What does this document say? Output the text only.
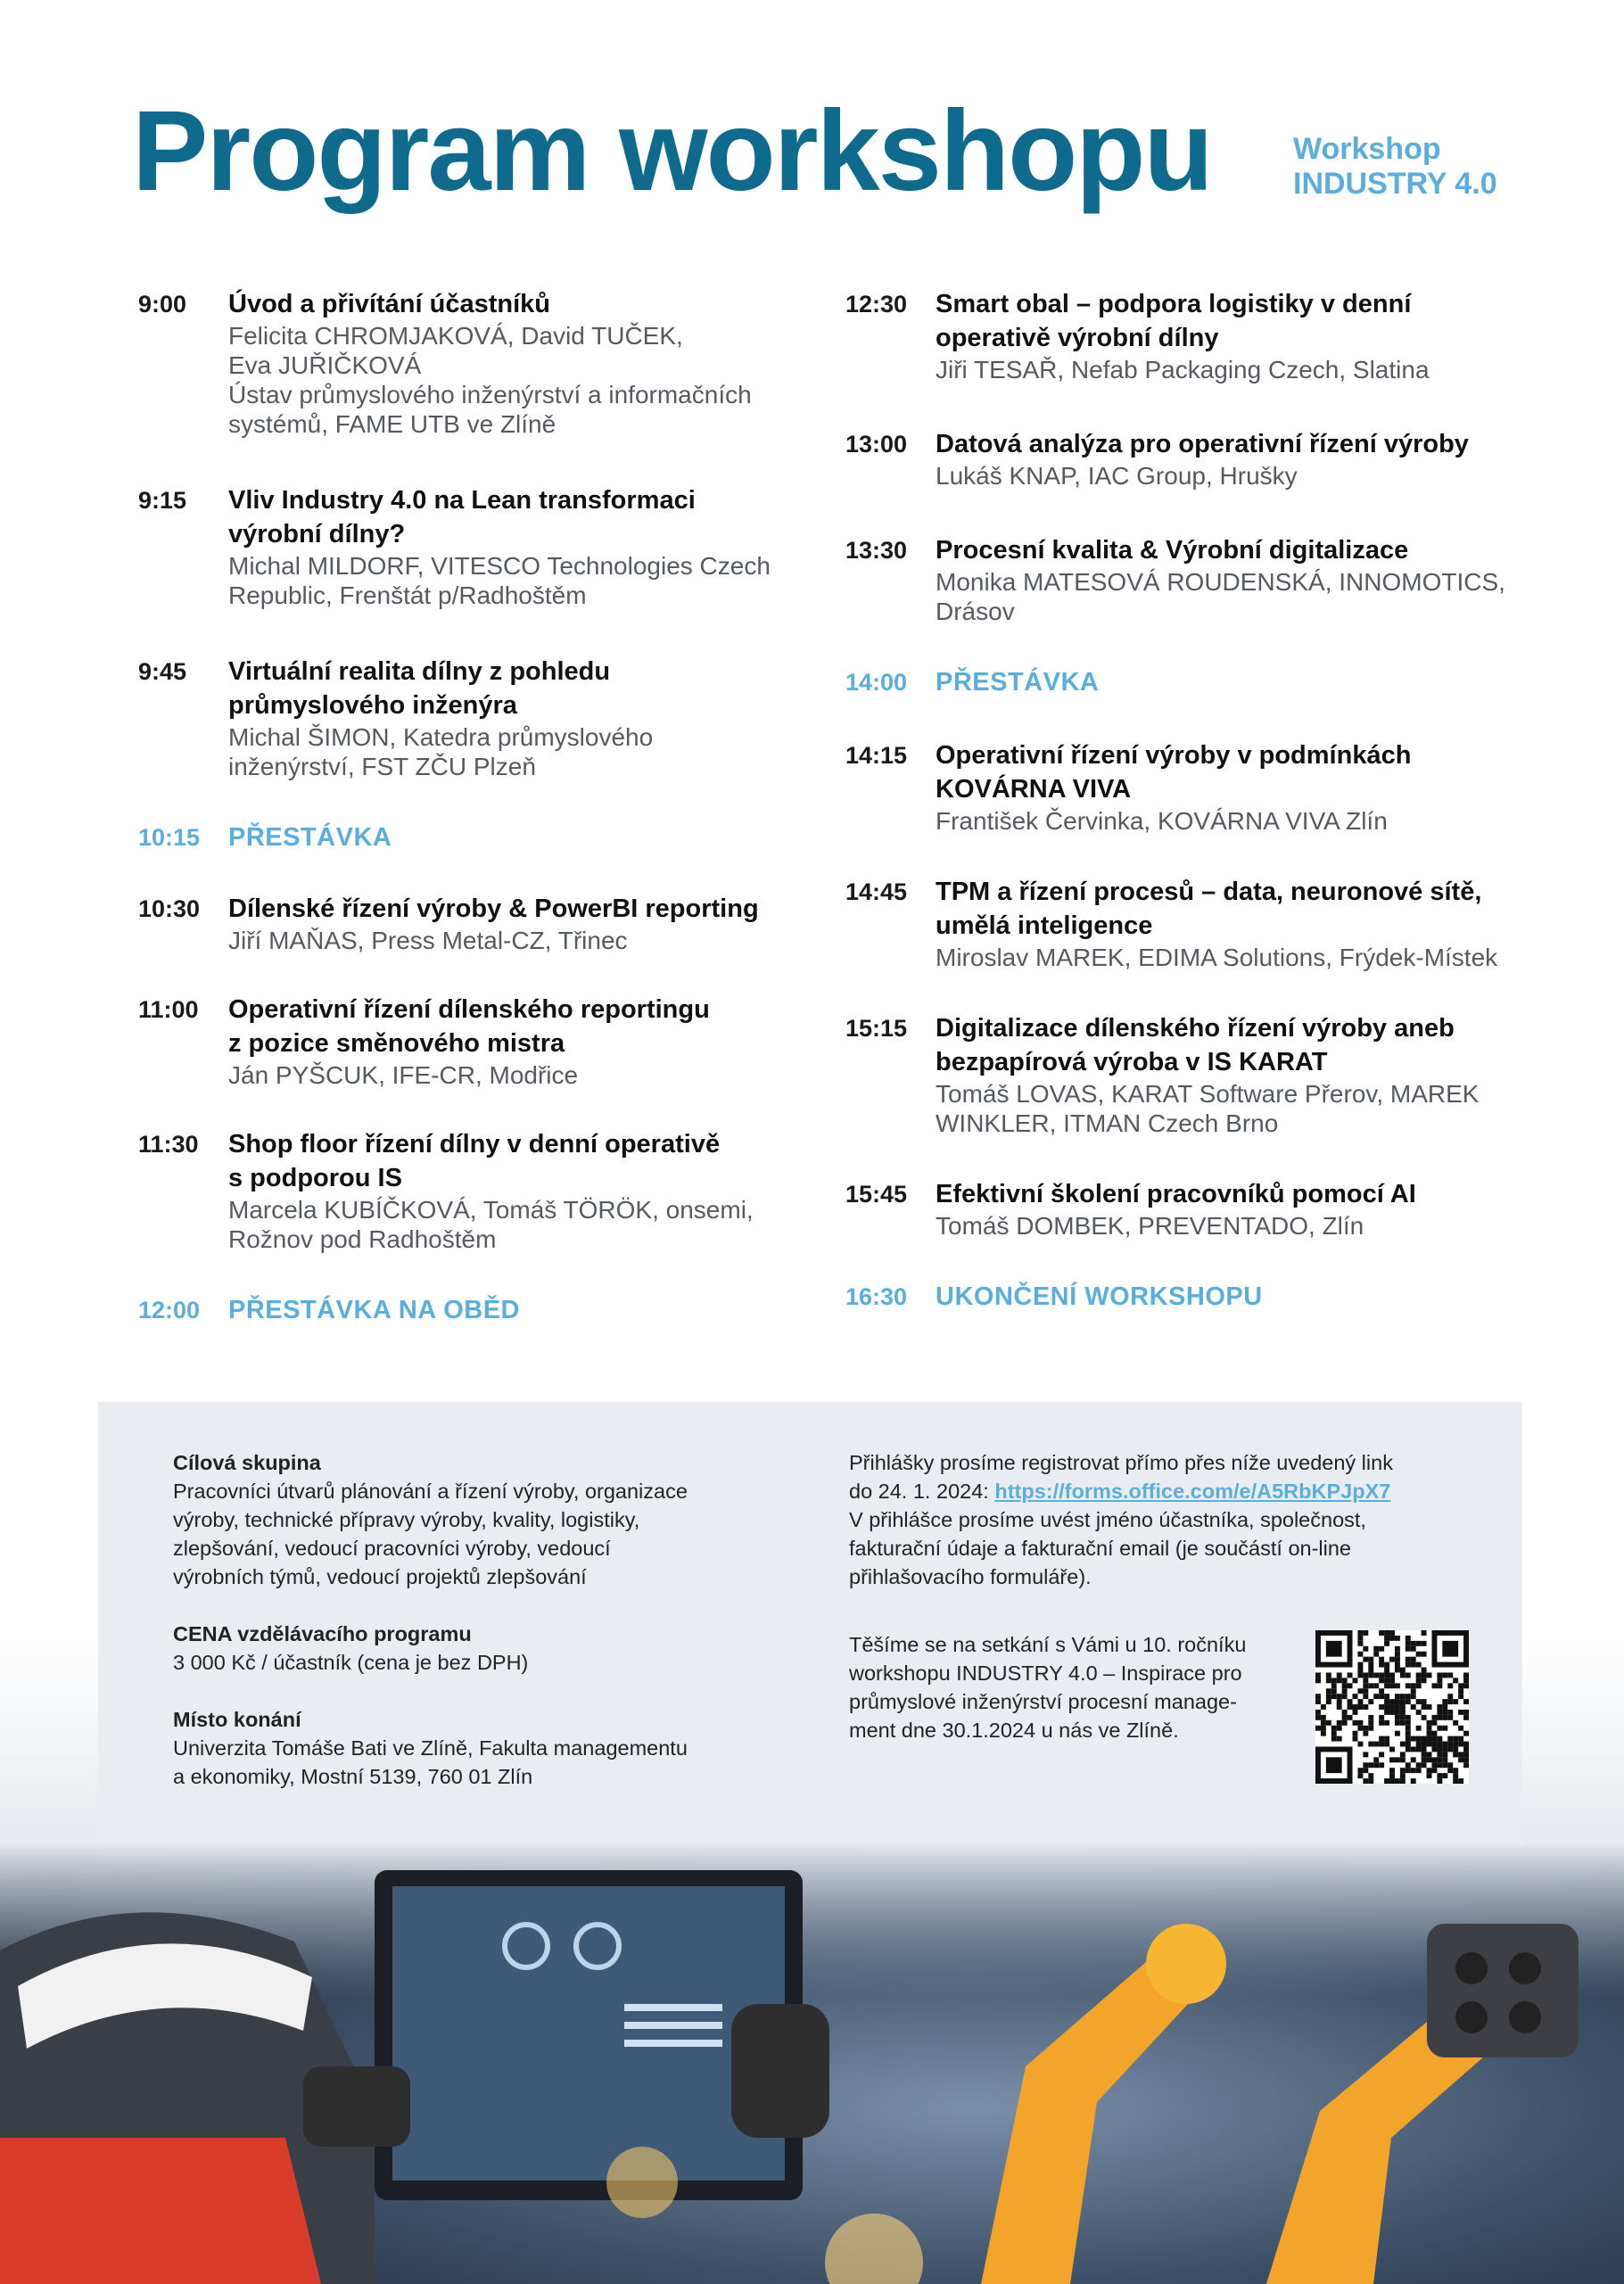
Program workshopu	Workshop
INDUSTRY 4.0
9:00	Úvod a přivítání účastníků
Felicita CHROMJAKOVÁ, David TUČEK,
Eva JUŘIČKOVÁ
Ústav průmyslového inženýrství a informačních
systémů, FAME UTB ve Zlíně
9:15	Vliv Industry 4.0 na Lean transformaci
výrobní dílny?
Michal MILDORF, VITESCO Technologies Czech
Republic, Frenštát p/Radhoštěm
9:45	Virtuální realita dílny z pohledu
průmyslového inženýra
Michal ŠIMON, Katedra průmyslového
inženýrství, FST ZČU Plzeň
10:15	PŘESTÁVKA
10:30	Dílenské řízení výroby & PowerBI reporting
Jiří MAŇAS, Press Metal-CZ, Třinec
11:00	Operativní řízení dílenského reportingu
z pozice směnového mistra
Ján PYŠCUK, IFE-CR, Modřice
11:30	Shop floor řízení dílny v denní operativě
s podporou IS
Marcela KUBÍČKOVÁ, Tomáš TÖRÖK, onsemi,
Rožnov pod Radhoštěm
12:00	PŘESTÁVKA NA OBĚD
12:30	Smart obal – podpora logistiky v denní
operativě výrobní dílny
Jiři TESAŘ, Nefab Packaging Czech, Slatina
13:00	Datová analýza pro operativní řízení výroby
Lukáš KNAP, IAC Group, Hrušky
13:30	Procesní kvalita & Výrobní digitalizace
Monika MATESOVÁ ROUDENSKÁ, INNOMOTICS,
Drásov
14:00	PŘESTÁVKA
14:15	Operativní řízení výroby v podmínkách
KOVÁRNA VIVA
František Červinka, KOVÁRNA VIVA Zlín
14:45	TPM a řízení procesů – data, neuronové sítě,
umělá inteligence
Miroslav MAREK, EDIMA Solutions, Frýdek-Místek
15:15	Digitalizace dílenského řízení výroby aneb
bezpapírová výroba v IS KARAT
Tomáš LOVAS, KARAT Software Přerov, MAREK
WINKLER, ITMAN Czech Brno
15:45	Efektivní školení pracovníků pomocí AI
Tomáš DOMBEK, PREVENTADO, Zlín
16:30	UKONČENÍ WORKSHOPU
Cílová skupina
Pracovníci útvarů plánování a řízení výroby, organizace
výroby, technické přípravy výroby, kvality, logistiky,
zlepšování, vedoucí pracovníci výroby, vedoucí
výrobních týmů, vedoucí projektů zlepšování
CENA vzdělávacího programu
3 000 Kč / účastník (cena je bez DPH)
Místo konání
Univerzita Tomáše Bati ve Zlíně, Fakulta managementu
a ekonomiky, Mostní 5139, 760 01 Zlín
Přihlášky prosíme registrovat přímo přes níže uvedený link
do 24. 1. 2024: https://forms.office.com/e/A5RbKPJpX7
V přihlášce prosíme uvést jméno účastníka, společnost,
fakturační údaje a fakturační email (je součástí on-line
přihlašovacího formuláře).
Těšíme se na setkání s Vámi u 10. ročníku
workshopu INDUSTRY 4.0 – Inspirace pro
průmyslové inženýrství procesní manage-
ment dne 30.1.2024 u nás ve Zlíně.
